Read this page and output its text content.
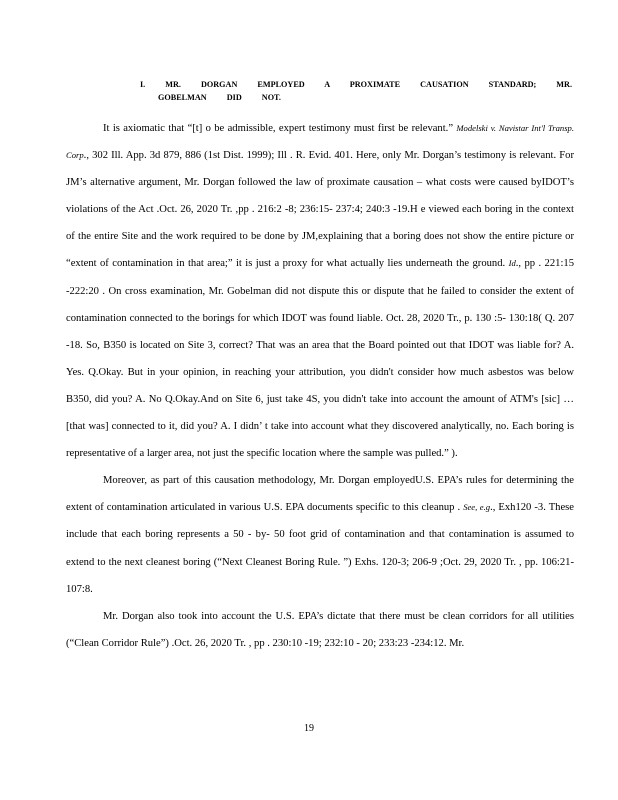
I. MR. DORGAN EMPLOYED A PROXIMATE CAUSATION STANDARD; MR.
GOBELMAN DID NOT.

It is axiomatic that “[t] o be admissible, expert testimony must first be relevant.” Modelski v. Navistar Int'l Transp. Corp., 302 Ill. App. 3d 879, 886 (1st Dist. 1999); Ill . R. Evid. 401. Here, only Mr. Dorgan’s testimony is relevant. For JM’s alternative argument, Mr. Dorgan followed the law of proximate causation – what costs were caused byIDOT’s violations of the Act .Oct. 26, 2020 Tr. ,pp . 216:2 -8; 236:15- 237:4; 240:3 -19.H e viewed each boring in the context of the entire Site and the work required to be done by JM,explaining that a boring does not show the entire picture or “extent of contamination in that area;” it is just a proxy for what actually lies underneath the ground. Id., pp . 221:15 -222:20 . On cross examination, Mr. Gobelman did not dispute this or dispute that he failed to consider the extent of contamination connected to the borings for which IDOT was found liable. Oct. 28, 2020 Tr., p. 130 :5- 130:18( Q. 207 -18. So, B350 is located on Site 3, correct? That was an area that the Board pointed out that IDOT was liable for? A. Yes. Q.Okay. But in your opinion, in reaching your attribution, you didn't consider how much asbestos was below B350, did you? A. No Q.Okay.And on Site 6, just take 4S, you didn't take into account the amount of ATM's [sic] … [that was] connected to it, did you? A. I didn’ t take into account what they discovered analytically, no. Each boring is representative of a larger area, not just the specific location where the sample was pulled.” ).

Moreover, as part of this causation methodology, Mr. Dorgan employedU.S. EPA’s rules for determining the extent of contamination articulated in various U.S. EPA documents specific to this cleanup . See, e.g., Exh120 -3. These include that each boring represents a 50 - by- 50 foot grid of contamination and that contamination is assumed to extend to the next cleanest boring (“Next Cleanest Boring Rule. ”) Exhs. 120-3; 206-9 ;Oct. 29, 2020 Tr. , pp. 106:21-107:8.

Mr. Dorgan also took into account the U.S. EPA’s dictate that there must be clean corridors for all utilities (“Clean Corridor Rule”) .Oct. 26, 2020 Tr. , pp . 230:10 -19; 232:10 - 20; 233:23 -234:12. Mr.

19
